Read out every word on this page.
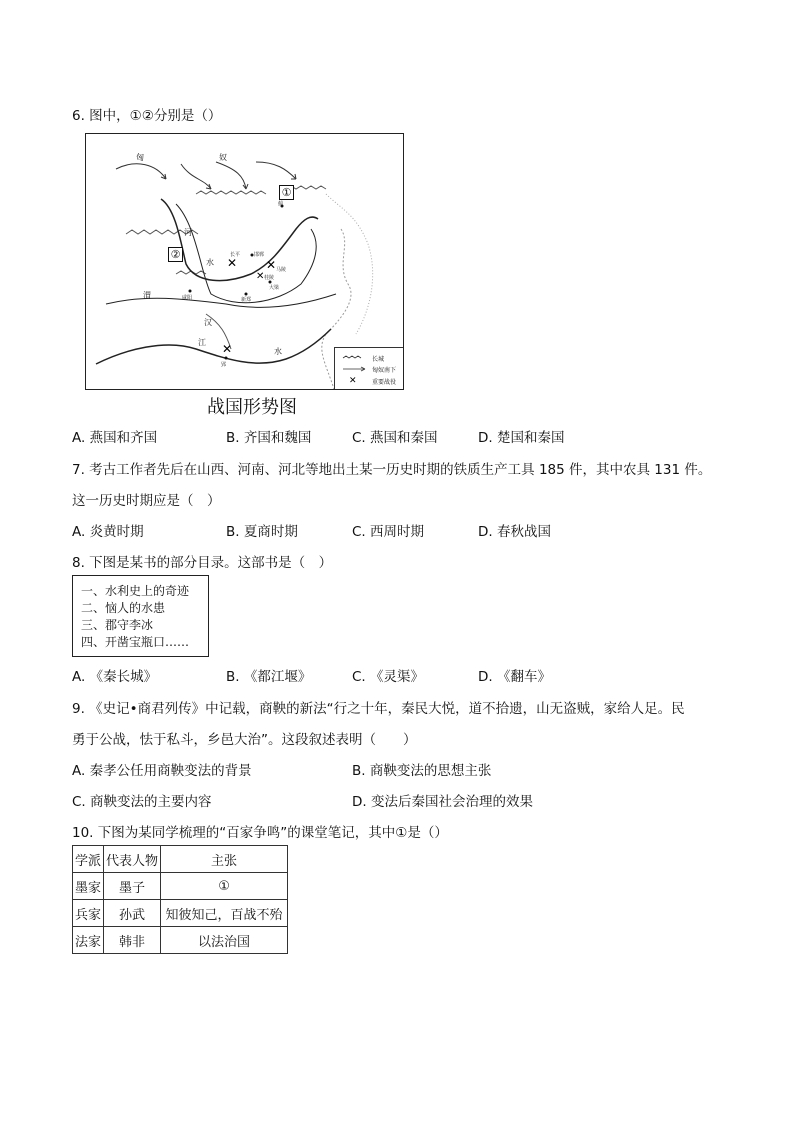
6. 图中，①②分别是（）
✕ ✕
✕
✕
①
②
匈	奴
河
水
渭
汉
江
水
蓟
长平	邯郸
桂陵
马陵
大梁
郢
咸阳	新郑
✕
长城
匈奴南下
重要战役
战国形势图
A. 燕国和齐国	B. 齐国和魏国	C. 燕国和秦国	D. 楚国和秦国
7. 考古工作者先后在山西、河南、河北等地出土某一历史时期的铁质生产工具 185 件，其中农具 131 件。
这一历史时期应是（　）
A. 炎黄时期	B. 夏商时期	C. 西周时期	D. 春秋战国
8. 下图是某书的部分目录。这部书是（　）
一、水利史上的奇迹
二、恼人的水患
三、郡守李冰
四、开凿宝瓶口……
A. 《秦长城》	B. 《都江堰》	C. 《灵渠》	D. 《翻车》
9. 《史记•商君列传》中记载，商鞅的新法“行之十年，秦民大悦，道不拾遗，山无盗贼，家给人足。民
勇于公战，怯于私斗，乡邑大治”。这段叙述表明（　　）
A. 秦孝公任用商鞅变法的背景	B. 商鞅变法的思想主张
C. 商鞅变法的主要内容	D. 变法后秦国社会治理的效果
10. 下图为某同学梳理的“百家争鸣”的课堂笔记，其中①是（）
学派	代表人物	主张
墨家	墨子	①
兵家	孙武	知彼知己，百战不殆
法家	韩非	以法治国
